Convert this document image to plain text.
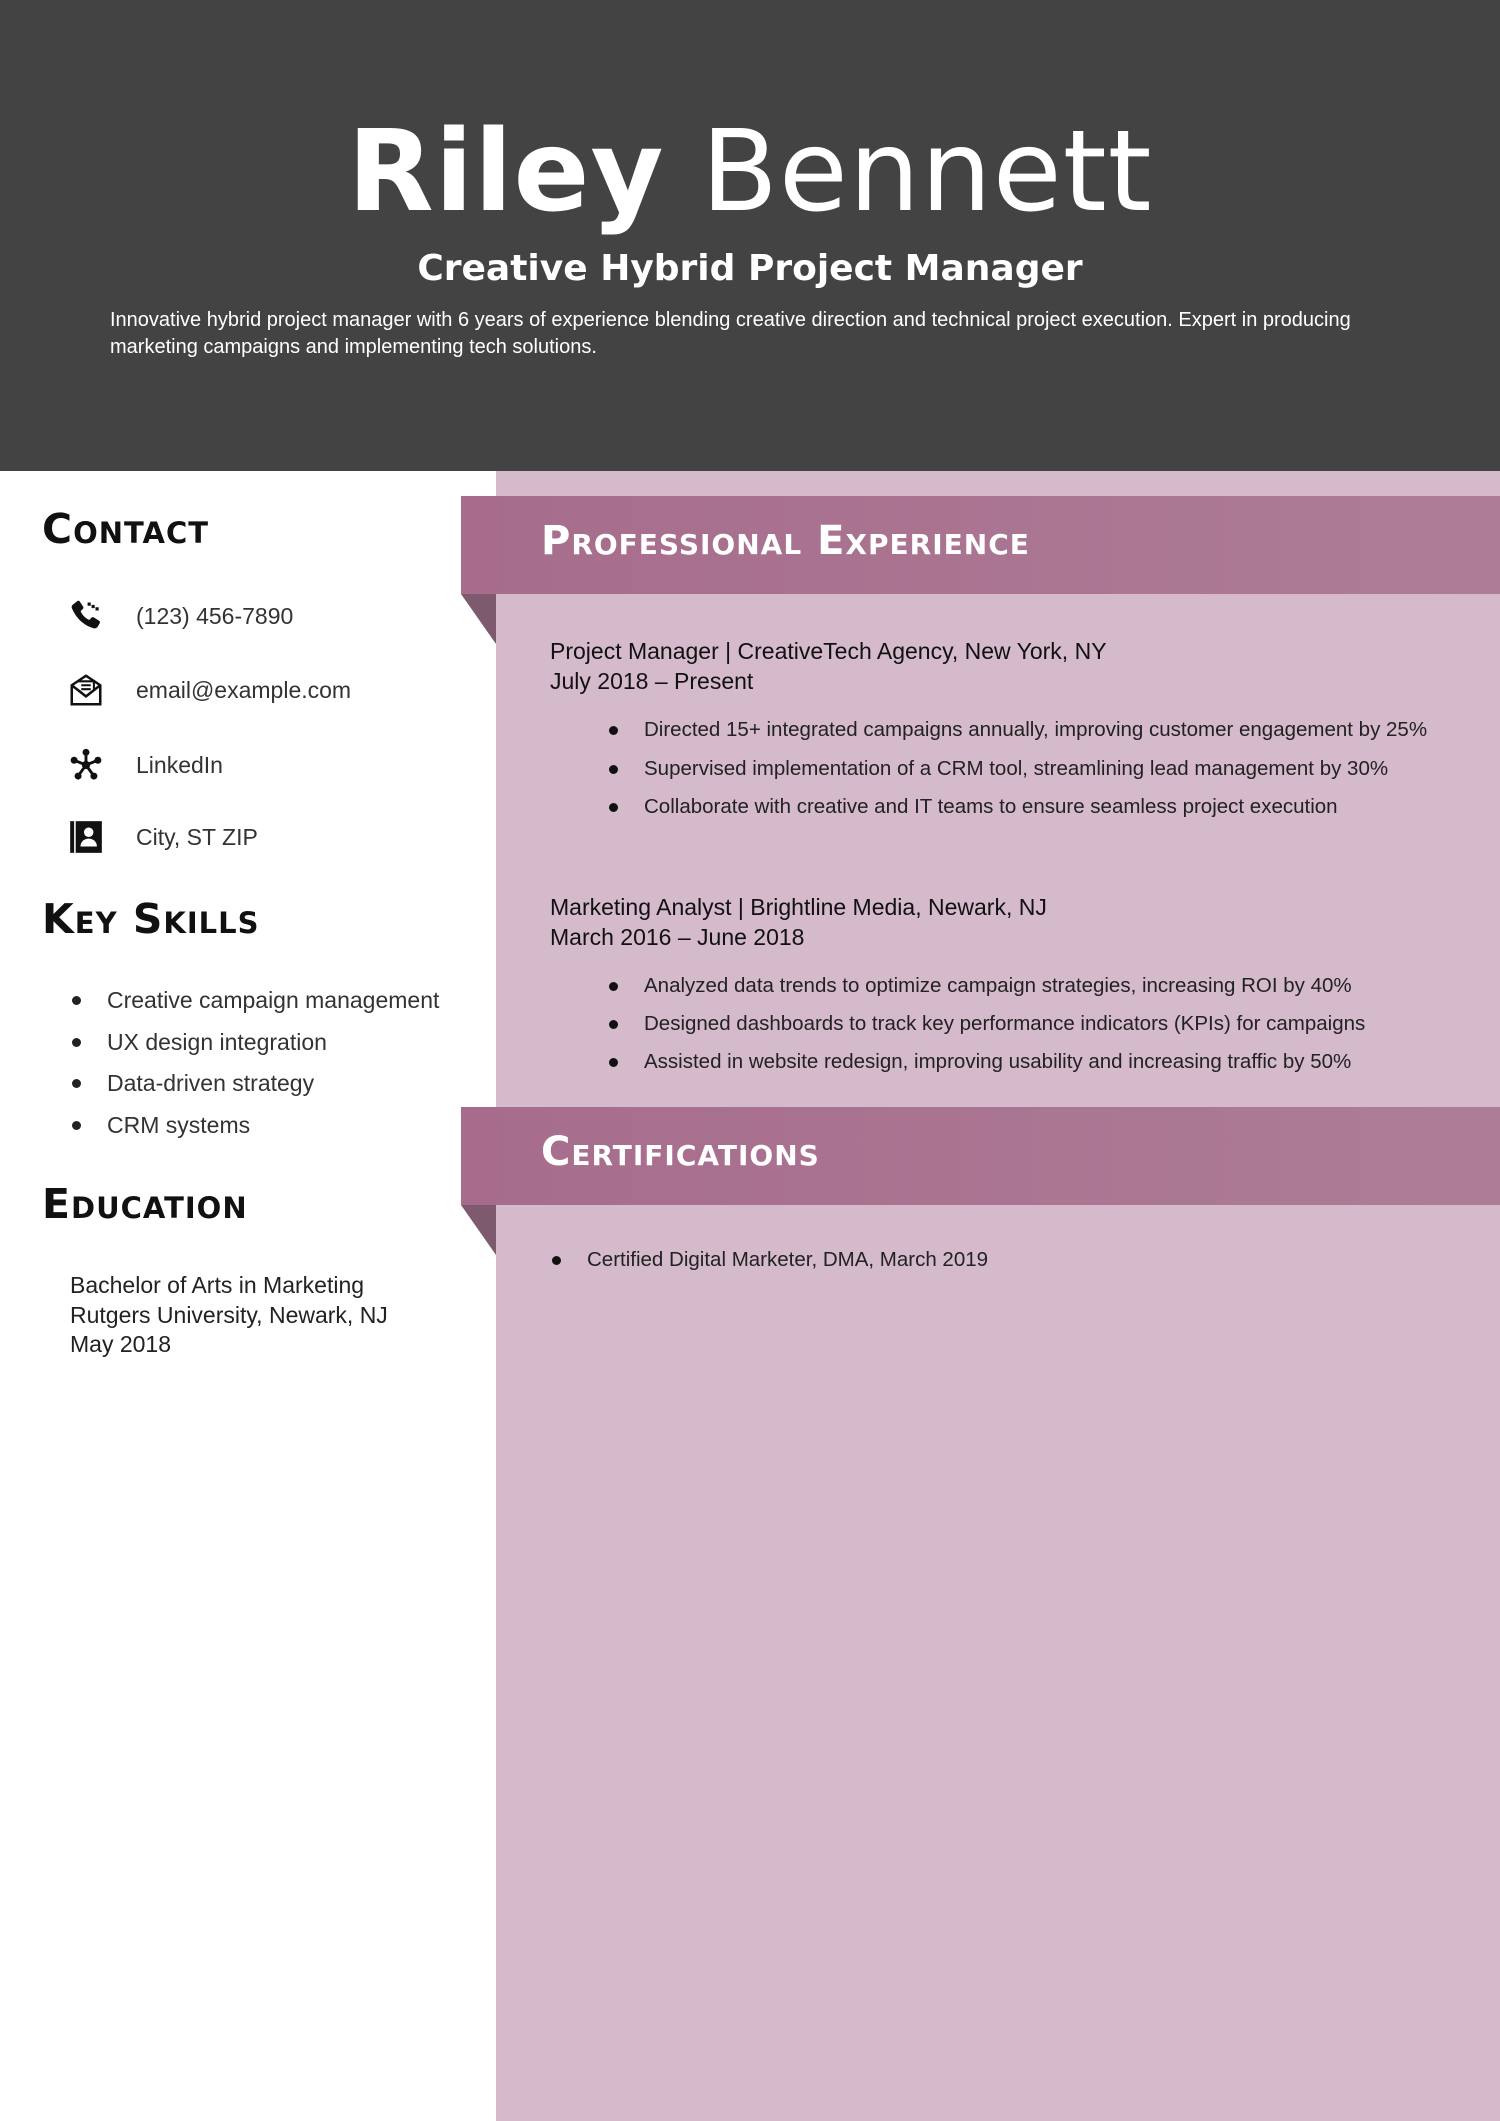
Riley Bennett
Creative Hybrid Project Manager
Innovative hybrid project manager with 6 years of experience blending creative direction and technical project execution. Expert in producing marketing campaigns and implementing tech solutions.
Contact
(123) 456-7890
email@example.com
LinkedIn
City, ST ZIP
Key Skills
Creative campaign management
UX design integration
Data-driven strategy
CRM systems
Education
Bachelor of Arts in Marketing
Rutgers University, Newark, NJ
May 2018
Professional Experience
Project Manager | CreativeTech Agency, New York, NY
July 2018 – Present
Directed 15+ integrated campaigns annually, improving customer engagement by 25%
Supervised implementation of a CRM tool, streamlining lead management by 30%
Collaborate with creative and IT teams to ensure seamless project execution
Marketing Analyst | Brightline Media, Newark, NJ
March 2016 – June 2018
Analyzed data trends to optimize campaign strategies, increasing ROI by 40%
Designed dashboards to track key performance indicators (KPIs) for campaigns
Assisted in website redesign, improving usability and increasing traffic by 50%
Certifications
Certified Digital Marketer, DMA, March 2019
